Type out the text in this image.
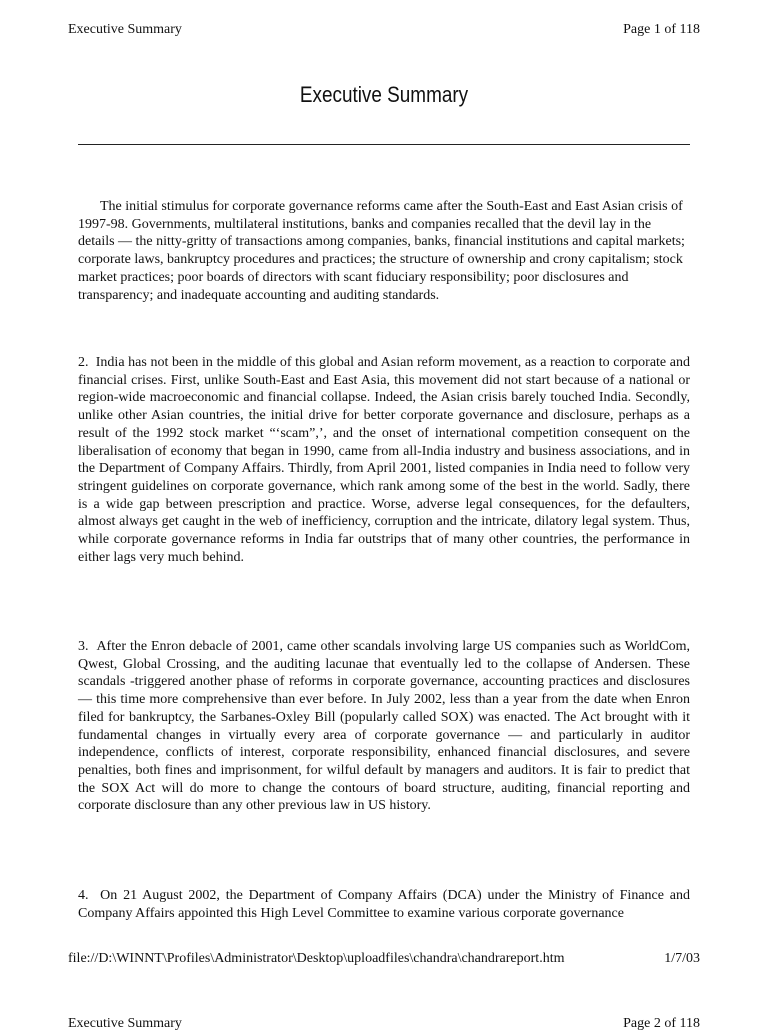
Executive Summary	Page 1 of 118
Executive Summary

The initial stimulus for corporate governance reforms came after the South-East and East Asian crisis of 1997-98. Governments, multilateral institutions, banks and companies recalled that the devil lay in the details — the nitty-gritty of transactions among companies, banks, financial institutions and capital markets; corporate laws, bankruptcy procedures and practices; the structure of ownership and crony capitalism; stock market practices; poor boards of directors with scant fiduciary responsibility; poor disclosures and transparency; and inadequate accounting and auditing standards.

2. India has not been in the middle of this global and Asian reform movement, as a reaction to corporate and financial crises. First, unlike South-East and East Asia, this movement did not start because of a national or region-wide macroeconomic and financial collapse. Indeed, the Asian crisis barely touched India. Secondly, unlike other Asian countries, the initial drive for better corporate governance and disclosure, perhaps as a result of the 1992 stock market “‘scam”,’, and the onset of international competition consequent on the liberalisation of economy that began in 1990, came from all-India industry and business associations, and in the Department of Company Affairs. Thirdly, from April 2001, listed companies in India need to follow very stringent guidelines on corporate governance, which rank among some of the best in the world. Sadly, there is a wide gap between prescription and practice. Worse, adverse legal consequences, for the defaulters, almost always get caught in the web of inefficiency, corruption and the intricate, dilatory legal system. Thus, while corporate governance reforms in India far outstrips that of many other countries, the performance in either lags very much behind.

3. After the Enron debacle of 2001, came other scandals involving large US companies such as WorldCom, Qwest, Global Crossing, and the auditing lacunae that eventually led to the collapse of Andersen. These scandals -triggered another phase of reforms in corporate governance, accounting practices and disclosures — this time more comprehensive than ever before. In July 2002, less than a year from the date when Enron filed for bankruptcy, the Sarbanes-Oxley Bill (popularly called SOX) was enacted. The Act brought with it fundamental changes in virtually every area of corporate governance — and particularly in auditor independence, conflicts of interest, corporate responsibility, enhanced financial disclosures, and severe penalties, both fines and imprisonment, for wilful default by managers and auditors. It is fair to predict that the SOX Act will do more to change the contours of board structure, auditing, financial reporting and corporate disclosure than any other previous law in US history.

4. On 21 August 2002, the Department of Company Affairs (DCA) under the Ministry of Finance and Company Affairs appointed this High Level Committee to examine various corporate governance

file://D:\WINNT\Profiles\Administrator\Desktop\uploadfiles\chandra\chandrareport.htm	1/7/03
Executive Summary	Page 2 of 118
